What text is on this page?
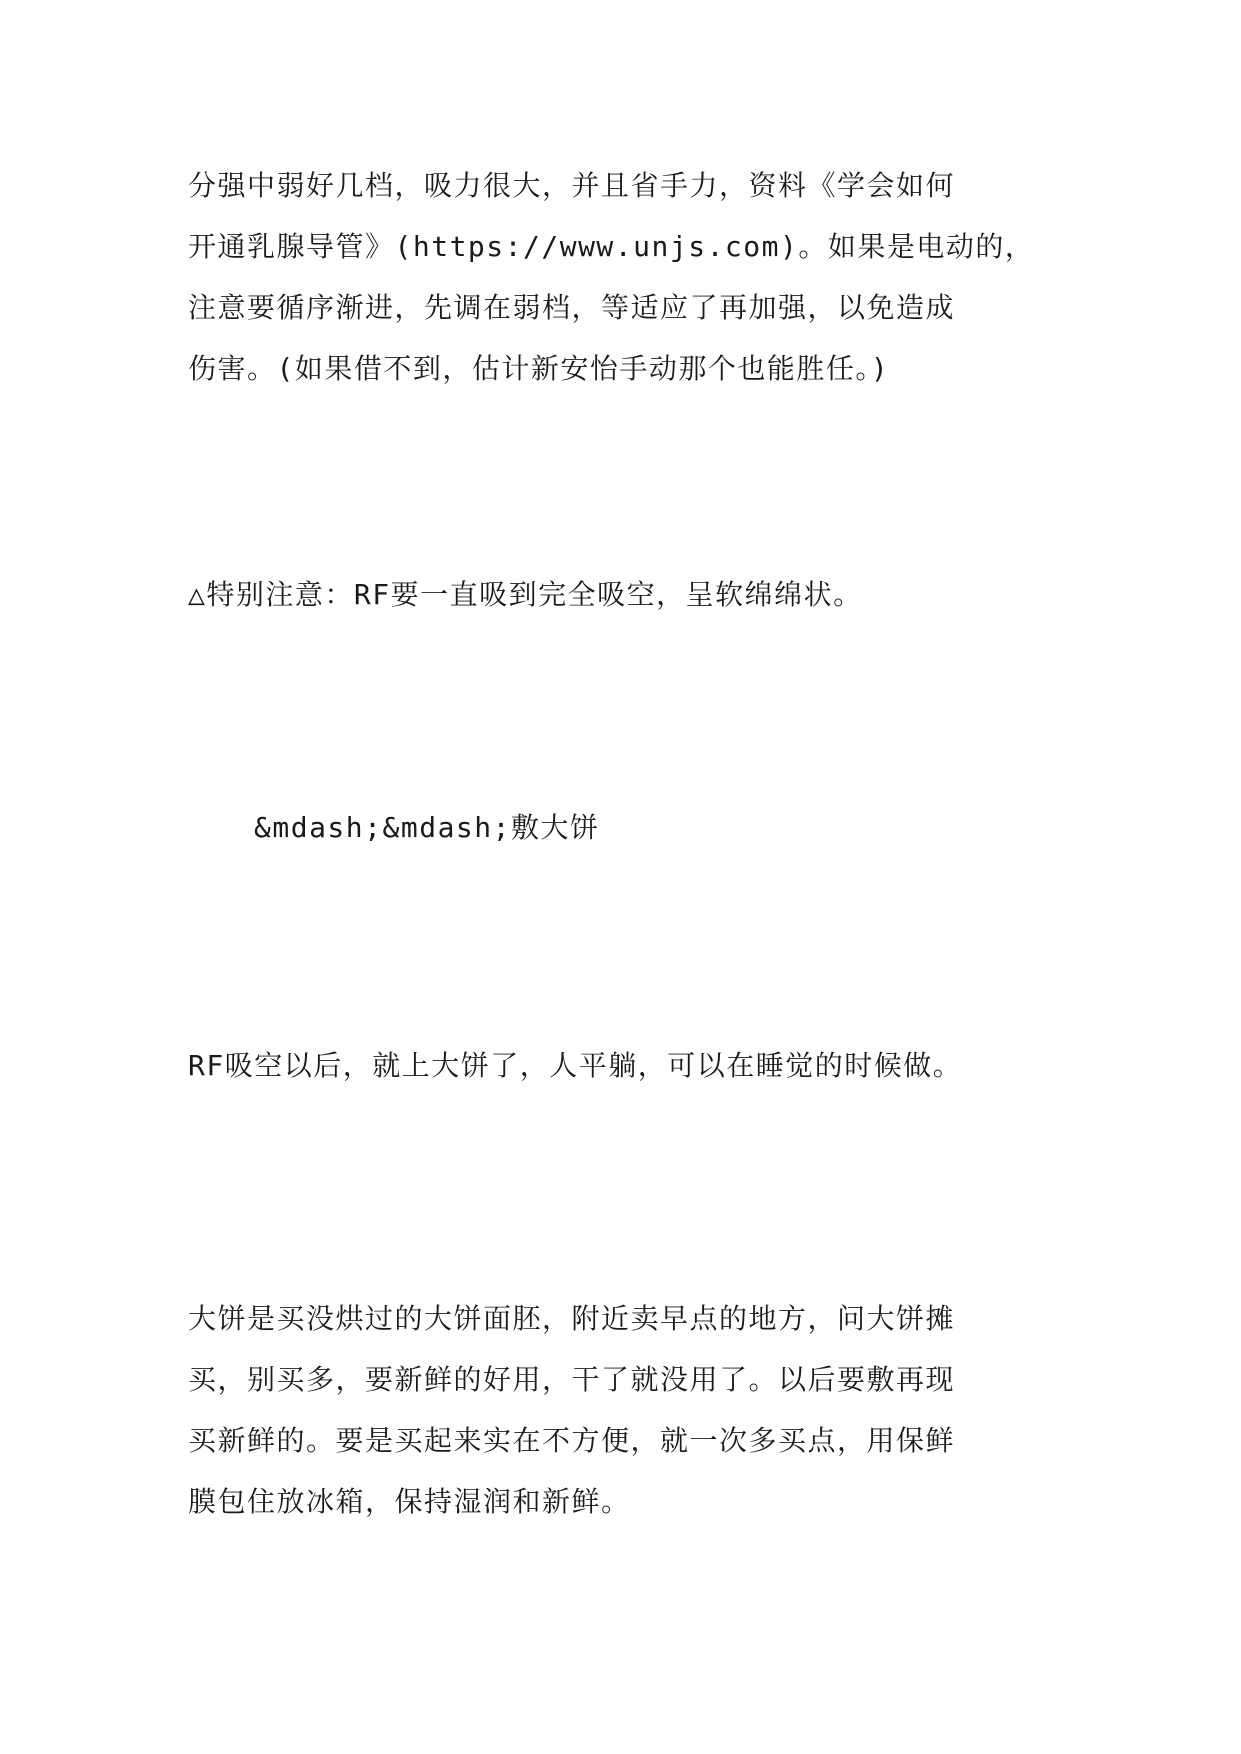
分强中弱好几档，吸力很大，并且省手力，资料《学会如何
开通乳腺导管》(https://www.unjs.com)。如果是电动的，
注意要循序渐进，先调在弱档，等适应了再加强，以免造成
伤害。(如果借不到，估计新安怡手动那个也能胜任。)

△特别注意：RF要一直吸到完全吸空，呈软绵绵状。

&mdash;&mdash;敷大饼

RF吸空以后，就上大饼了，人平躺，可以在睡觉的时候做。

大饼是买没烘过的大饼面胚，附近卖早点的地方，问大饼摊
买，别买多，要新鲜的好用，干了就没用了。以后要敷再现
买新鲜的。要是买起来实在不方便，就一次多买点，用保鲜
膜包住放冰箱，保持湿润和新鲜。
